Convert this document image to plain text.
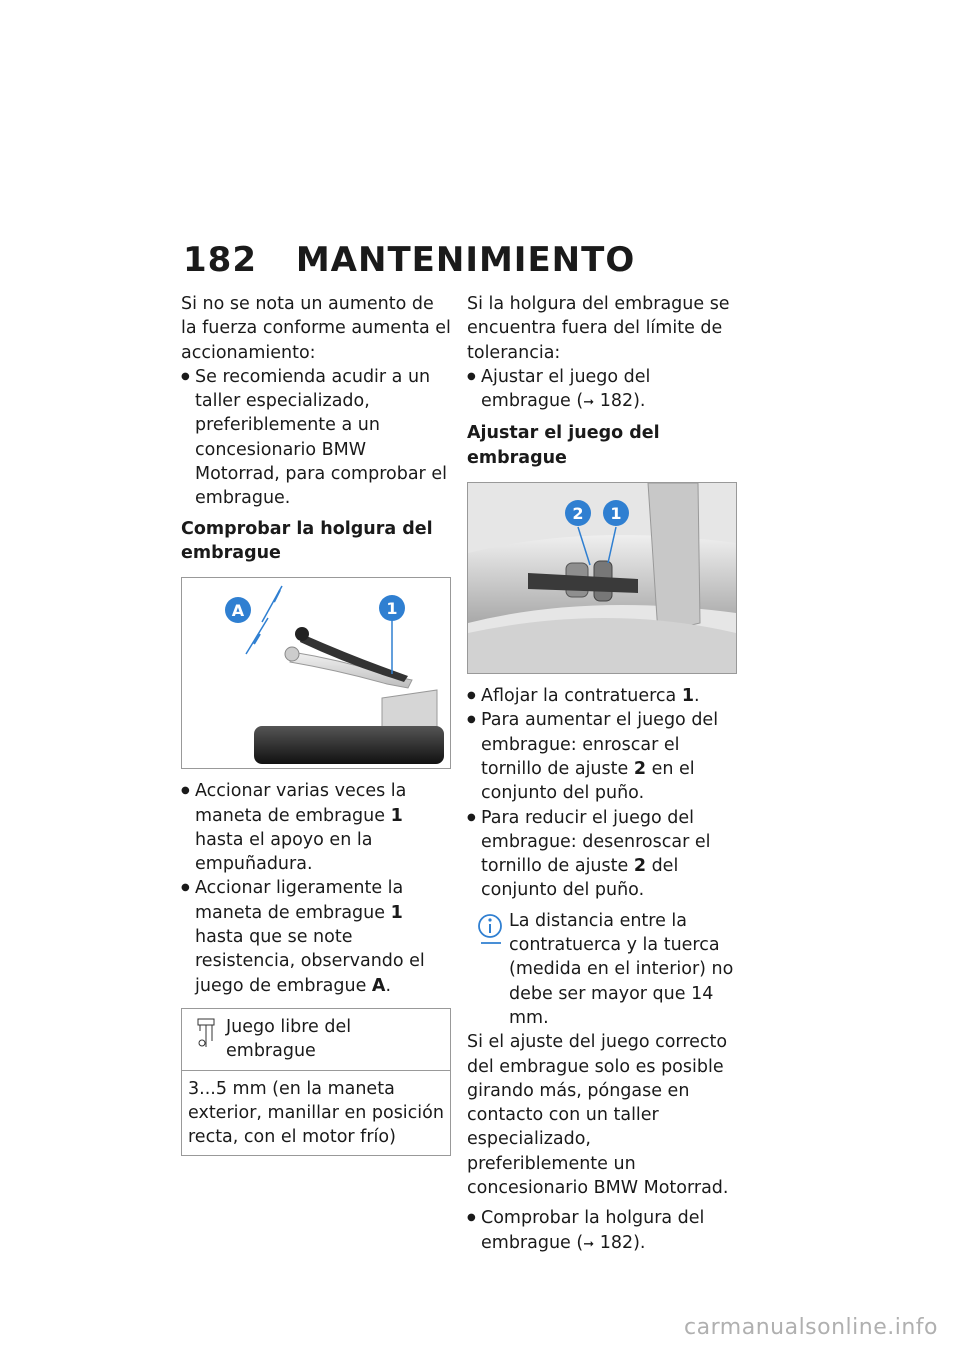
182 MANTENIMIENTO

Si no se nota un aumento de la fuerza conforme aumenta el accionamiento:

● Se recomienda acudir a un taller especializado, preferiblemente a un concesionario BMW Motorrad, para comprobar el embrague.

Comprobar la holgura del embrague

A	1

● Accionar varias veces la maneta de embrague 1 hasta el apoyo en la empuñadura.

● Accionar ligeramente la maneta de embrague 1 hasta que se note resistencia, observando el juego de embrague A.

Juego libre del embrague
3...5 mm (en la maneta exterior, manillar en posición recta, con el motor frío)

Si la holgura del embrague se encuentra fuera del límite de tolerancia:

● Ajustar el juego del embrague (➞ 182).

Ajustar el juego del embrague

2 1

● Aflojar la contratuerca 1.

● Para aumentar el juego del embrague: enroscar el tornillo de ajuste 2 en el conjunto del puño.

● Para reducir el juego del embrague: desenroscar el tornillo de ajuste 2 del conjunto del puño.

La distancia entre la contratuerca y la tuerca (medida en el interior) no debe ser mayor que 14 mm.

Si el ajuste del juego correcto del embrague solo es posible girando más, póngase en contacto con un taller especializado, preferiblemente un concesionario BMW Motorrad.

● Comprobar la holgura del embrague (➞ 182).

carmanualsonline.info
